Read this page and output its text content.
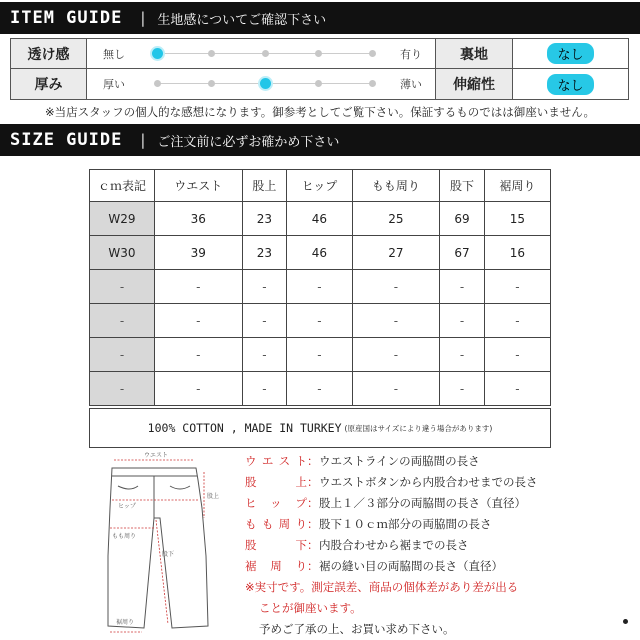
ITEM GUIDE | 生地感についてご確認下さい
透け感	無し	有り	裏地	なし
厚み	厚い	薄い	伸縮性	なし
※当店スタッフの個人的な感想になります。御参考としてご覧下さい。保証するものではは御座いません。
SIZE GUIDE | ご注文前に必ずお確かめ下さい
ｃｍ表記	ウエスト	股上	ヒップ	もも周り	股下	裾周り
W29	36	23	46	25	69	15
W30	39	23	46	27	67	16
-	-	-	-	-	-	-
-	-	-	-	-	-	-
-	-	-	-	-	-	-
-	-	-	-	-	-	-
100% COTTON , MADE IN TURKEY (原産国はサイズにより違う場合があります)
ウエスト
股上
ヒップ
もも周り
股下
裾周り
ウエスト ： ウエストラインの両脇間の長さ
股上 ： ウエストボタンから内股合わせまでの長さ
ヒップ ： 股上１／３部分の両脇間の長さ（直径）
もも周り ： 股下１０ｃｍ部分の両脇間の長さ
股下 ： 内股合わせから裾までの長さ
裾周り ： 裾の縫い目の両脇間の長さ（直径）
※実寸です。測定誤差、商品の個体差があり差が出る
ことが御座います。
予めご了承の上、お買い求め下さい。
